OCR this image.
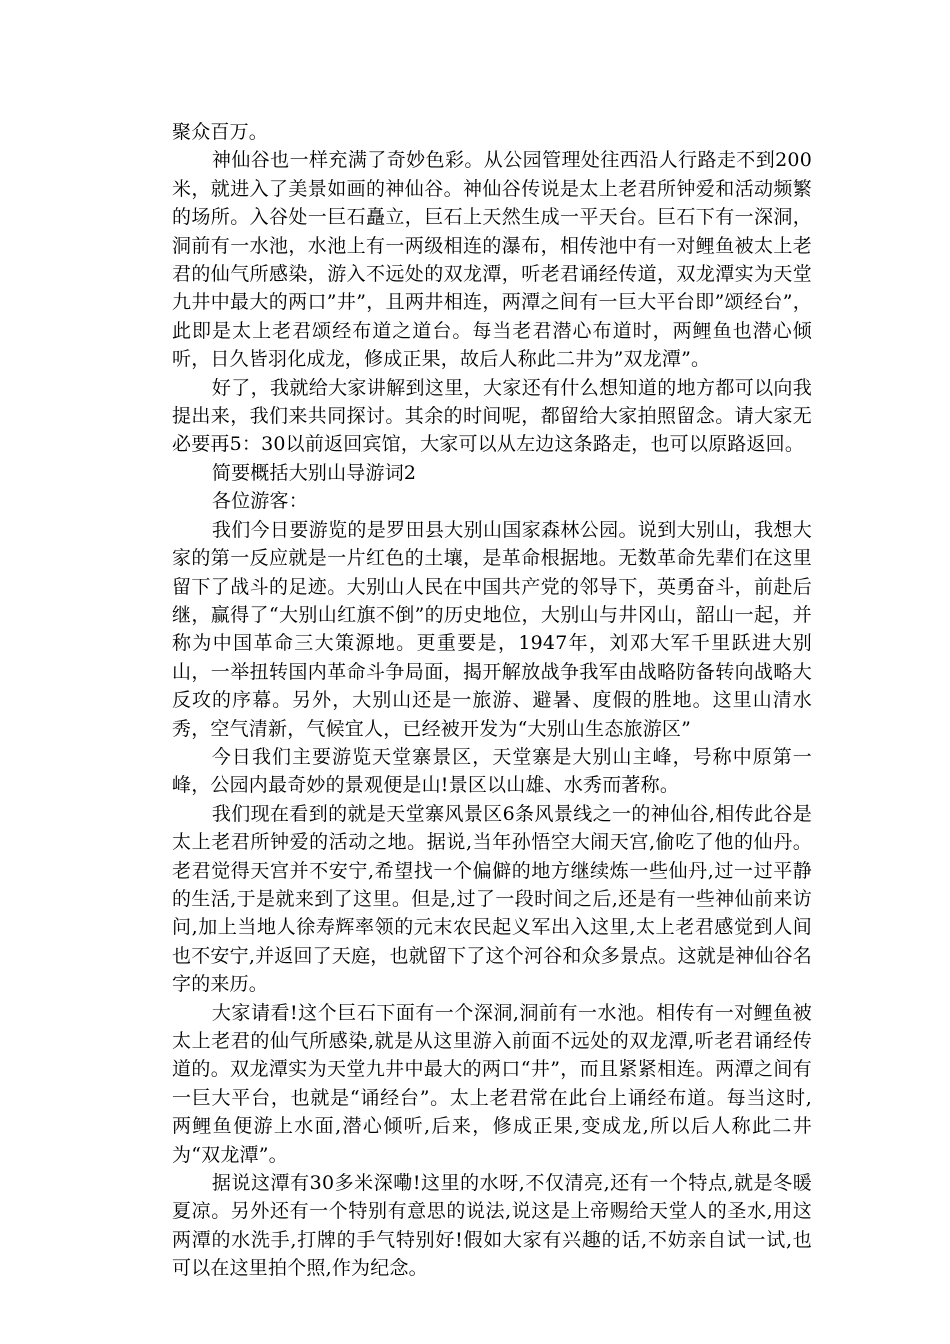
聚众百万。

神仙谷也一样充满了奇妙色彩。从公园管理处往西沿人行路走不到200米，就进入了美景如画的神仙谷。神仙谷传说是太上老君所钟爱和活动频繁的场所。入谷处一巨石矗立，巨石上天然生成一平天台。巨石下有一深洞，洞前有一水池，水池上有一两级相连的瀑布，相传池中有一对鲤鱼被太上老君的仙气所感染，游入不远处的双龙潭，听老君诵经传道，双龙潭实为天堂九井中最大的两口”井”，且两井相连，两潭之间有一巨大平台即”颂经台”，此即是太上老君颂经布道之道台。每当老君潜心布道时，两鲤鱼也潜心倾听，日久皆羽化成龙，修成正果，故后人称此二井为”双龙潭”。

好了，我就给大家讲解到这里，大家还有什么想知道的地方都可以向我提出来，我们来共同探讨。其余的时间呢，都留给大家拍照留念。请大家无必要再5：30以前返回宾馆，大家可以从左边这条路走，也可以原路返回。

简要概括大别山导游词2

各位游客：

我们今日要游览的是罗田县大别山国家森林公园。说到大别山，我想大家的第一反应就是一片红色的土壤，是革命根据地。无数革命先辈们在这里留下了战斗的足迹。大别山人民在中国共产党的邻导下，英勇奋斗，前赴后继，赢得了“大别山红旗不倒”的历史地位，大别山与井冈山，韶山一起，并称为中国革命三大策源地。更重要是，1947年，刘邓大军千里跃进大别山，一举扭转国内革命斗争局面，揭开解放战争我军由战略防备转向战略大反攻的序幕。另外，大别山还是一旅游、避暑、度假的胜地。这里山清水秀，空气清新，气候宜人，已经被开发为“大别山生态旅游区”

今日我们主要游览天堂寨景区，天堂寨是大别山主峰，号称中原第一峰，公园内最奇妙的景观便是山!景区以山雄、水秀而著称。

我们现在看到的就是天堂寨风景区6条风景线之一的神仙谷,相传此谷是太上老君所钟爱的活动之地。据说,当年孙悟空大闹天宫,偷吃了他的仙丹。老君觉得天宫并不安宁,希望找一个偏僻的地方继续炼一些仙丹,过一过平静的生活,于是就来到了这里。但是,过了一段时间之后,还是有一些神仙前来访问,加上当地人徐寿辉率领的元末农民起义军出入这里,太上老君感觉到人间也不安宁,并返回了天庭，也就留下了这个河谷和众多景点。这就是神仙谷名字的来历。

大家请看!这个巨石下面有一个深洞,洞前有一水池。相传有一对鲤鱼被太上老君的仙气所感染,就是从这里游入前面不远处的双龙潭,听老君诵经传道的。双龙潭实为天堂九井中最大的两口“井”，而且紧紧相连。两潭之间有一巨大平台，也就是“诵经台”。太上老君常在此台上诵经布道。每当这时,两鲤鱼便游上水面,潜心倾听,后来，修成正果,变成龙,所以后人称此二井为“双龙潭”。

据说这潭有30多米深嘞!这里的水呀,不仅清亮,还有一个特点,就是冬暖夏凉。另外还有一个特别有意思的说法,说这是上帝赐给天堂人的圣水,用这两潭的水洗手,打牌的手气特别好!假如大家有兴趣的话,不妨亲自试一试,也可以在这里拍个照,作为纪念。
